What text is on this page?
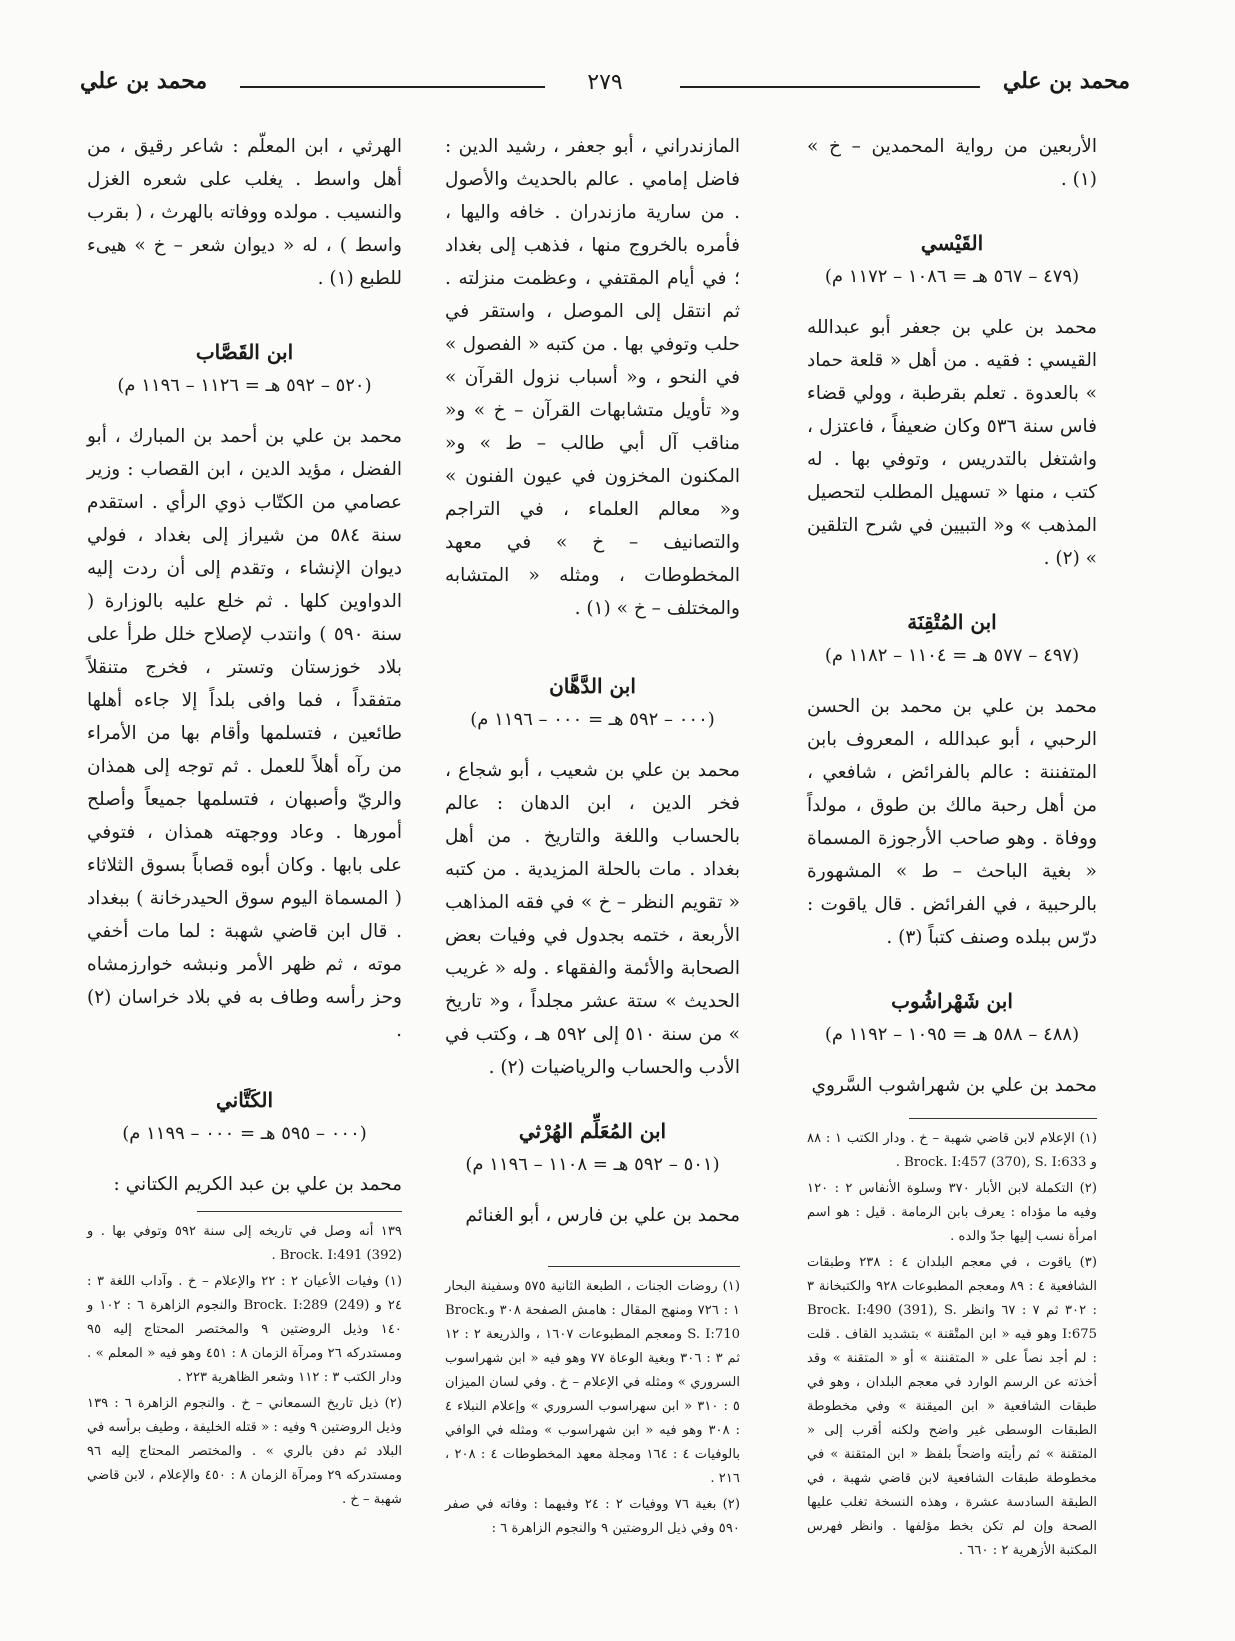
محمد بن علي
٢٧٩
محمد بن علي

الأربعين من رواية المحمدين – خ » (١) .

القَيْسي
(٤٧٩ – ٥٦٧ هـ = ١٠٨٦ – ١١٧٢ م)

محمد بن علي بن جعفر أبو عبدالله القيسي : فقيه . من أهل « قلعة حماد » بالعدوة . تعلم بقرطبة ، وولي قضاء فاس سنة ٥٣٦ وكان ضعيفاً ، فاعتزل ، واشتغل بالتدريس ، وتوفي بها . له كتب ، منها « تسهيل المطلب لتحصيل المذهب » و« التبيين في شرح التلقين » (٢) .

ابن المُتْقِنَة
(٤٩٧ – ٥٧٧ هـ = ١١٠٤ – ١١٨٢ م)

محمد بن علي بن محمد بن الحسن الرحبي ، أبو عبدالله ، المعروف بابن المتفننة : عالم بالفرائض ، شافعي ، من أهل رحبة مالك بن طوق ، مولداً ووفاة . وهو صاحب الأرجوزة المسماة « بغية الباحث – ط » المشهورة بالرحبية ، في الفرائض . قال ياقوت : درّس ببلده وصنف كتباً (٣) .

ابن شَهْراشُوب
(٤٨٨ – ٥٨٨ هـ = ١٠٩٥ – ١١٩٢ م)

محمد بن علي بن شهراشوب السَّروي

(١) الإعلام لابن قاضي شهبة – خ . ودار الكتب ١ : ٨٨ و Brock. I:457 (370), S. I:633 .
(٢) التكملة لابن الأبار ٣٧٠ وسلوة الأنفاس ٢ : ١٢٠ وفيه ما مؤداه : يعرف بابن الرمامة . قيل : هو اسم امرأة نسب إليها جدّ والده .
(٣) ياقوت ، في معجم البلدان ٤ : ٢٣٨ وطبقات الشافعية ٤ : ٨٩ ومعجم المطبوعات ٩٢٨ والكتبخانة ٣ : ٣٠٢ ثم ٧ : ٦٧ وانظر Brock. I:490 (391), S. I:675 وهو فيه « ابن المتْقنة » بتشديد القاف . قلت : لم أجد نصاً على « المتفننة » أو « المتقنة » وقد أخذته عن الرسم الوارد في معجم البلدان ، وهو في طبقات الشافعية « ابن الميقنة » وفي مخطوطة الطبقات الوسطى غير واضح ولكنه أقرب إلى « المتقنة » ثم رأيته واضحاً بلفظ « ابن المتقنة » في مخطوطة طبقات الشافعية لابن قاضي شهبة ، في الطبقة السادسة عشرة ، وهذه النسخة تغلب عليها الصحة وإن لم تكن بخط مؤلفها . وانظر فهرس المكتبة الأزهرية ٢ : ٦٦٠ .

المازندراني ، أبو جعفر ، رشيد الدين : فاضل إمامي . عالم بالحديث والأصول . من سارية مازندران . خافه واليها ، فأمره بالخروج منها ، فذهب إلى بغداد ؛ في أيام المقتفي ، وعظمت منزلته . ثم انتقل إلى الموصل ، واستقر في حلب وتوفي بها . من كتبه « الفصول » في النحو ، و« أسباب نزول القرآن » و« تأويل متشابهات القرآن – خ » و« مناقب آل أبي طالب – ط » و« المكنون المخزون في عيون الفنون » و« معالم العلماء ، في التراجم والتصانيف – خ » في معهد المخطوطات ، ومثله « المتشابه والمختلف – خ » (١) .

ابن الدَّهَّان
(٠٠٠ – ٥٩٢ هـ = ٠٠٠ – ١١٩٦ م)

محمد بن علي بن شعيب ، أبو شجاع ، فخر الدين ، ابن الدهان : عالم بالحساب واللغة والتاريخ . من أهل بغداد . مات بالحلة المزيدية . من كتبه « تقويم النظر – خ » في فقه المذاهب الأربعة ، ختمه بجدول في وفيات بعض الصحابة والأئمة والفقهاء . وله « غريب الحديث » ستة عشر مجلداً ، و« تاريخ » من سنة ٥١٠ إلى ٥٩٢ هـ ، وكتب في الأدب والحساب والرياضيات (٢) .

ابن المُعَلِّم الهُرْثي
(٥٠١ – ٥٩٢ هـ = ١١٠٨ – ١١٩٦ م)

محمد بن علي بن فارس ، أبو الغنائم

(١) روضات الجنات ، الطبعة الثانية ٥٧٥ وسفينة البحار ١ : ٧٢٦ ومنهج المقال : هامش الصفحة ٣٠٨ وBrock. S. I:710 ومعجم المطبوعات ١٦٠٧ ، والذريعة ٢ : ١٢ ثم ٣ : ٣٠٦ وبغية الوعاة ٧٧ وهو فيه « ابن شهراسوب السروري » ومثله في الإعلام – خ . وفي لسان الميزان ٥ : ٣١٠ « ابن سهراسوب السروري » وإعلام النبلاء ٤ : ٣٠٨ وهو فيه « ابن شهراسوب » ومثله في الوافي بالوفيات ٤ : ١٦٤ ومجلة معهد المخطوطات ٤ : ٢٠٨ ، ٢١٦ .
(٢) بغية ٧٦ ووفيات ٢ : ٢٤ وفيهما : وفاته في صفر ٥٩٠ وفي ذيل الروضتين ٩ والنجوم الزاهرة ٦ :

الهرثي ، ابن المعلّم : شاعر رقيق ، من أهل واسط . يغلب على شعره الغزل والنسيب . مولده ووفاته بالهرث ، ( بقرب واسط ) ، له « ديوان شعر – خ » هيىء للطبع (١) .

ابن القَصَّاب
(٥٢٠ – ٥٩٢ هـ = ١١٢٦ – ١١٩٦ م)

محمد بن علي بن أحمد بن المبارك ، أبو الفضل ، مؤيد الدين ، ابن القصاب : وزير عصامي من الكتّاب ذوي الرأي . استقدم سنة ٥٨٤ من شيراز إلى بغداد ، فولي ديوان الإنشاء ، وتقدم إلى أن ردت إليه الدواوين كلها . ثم خلع عليه بالوزارة ( سنة ٥٩٠ ) وانتدب لإصلاح خلل طرأ على بلاد خوزستان وتستر ، فخرج متنقلاً متفقداً ، فما وافى بلداً إلا جاءه أهلها طائعين ، فتسلمها وأقام بها من الأمراء من رآه أهلاً للعمل . ثم توجه إلى همذان والريّ وأصبهان ، فتسلمها جميعاً وأصلح أمورها . وعاد ووجهته همذان ، فتوفي على بابها . وكان أبوه قصاباً بسوق الثلاثاء ( المسماة اليوم سوق الحيدرخانة ) ببغداد . قال ابن قاضي شهبة : لما مات أخفي موته ، ثم ظهر الأمر ونبشه خوارزمشاه وحز رأسه وطاف به في بلاد خراسان (٢) .

الكَتَّاني
(٠٠٠ – ٥٩٥ هـ = ٠٠٠ – ١١٩٩ م)

محمد بن علي بن عبد الكريم الكتاني :

١٣٩ أنه وصل في تاريخه إلى سنة ٥٩٢ وتوفي بها . و Brock. I:491 (392) .
(١) وفيات الأعيان ٢ : ٢٢ والإعلام – خ . وآداب اللغة ٣ : ٢٤ و Brock. I:289 (249) والنجوم الزاهرة ٦ : ١٠٢ و ١٤٠ وذيل الروضتين ٩ والمختصر المحتاج إليه ٩٥ ومستدركه ٢٦ ومرآة الزمان ٨ : ٤٥١ وهو فيه « المعلم » . ودار الكتب ٣ : ١١٢ وشعر الظاهرية ٢٢٣ .
(٢) ذيل تاريخ السمعاني – خ . والنجوم الزاهرة ٦ : ١٣٩ وذيل الروضتين ٩ وفيه : « قتله الخليفة ، وطيف برأسه في البلاد ثم دفن بالري » . والمختصر المحتاج إليه ٩٦ ومستدركه ٢٩ ومرآة الزمان ٨ : ٤٥٠ والإعلام ، لابن قاضي شهبة – خ .
